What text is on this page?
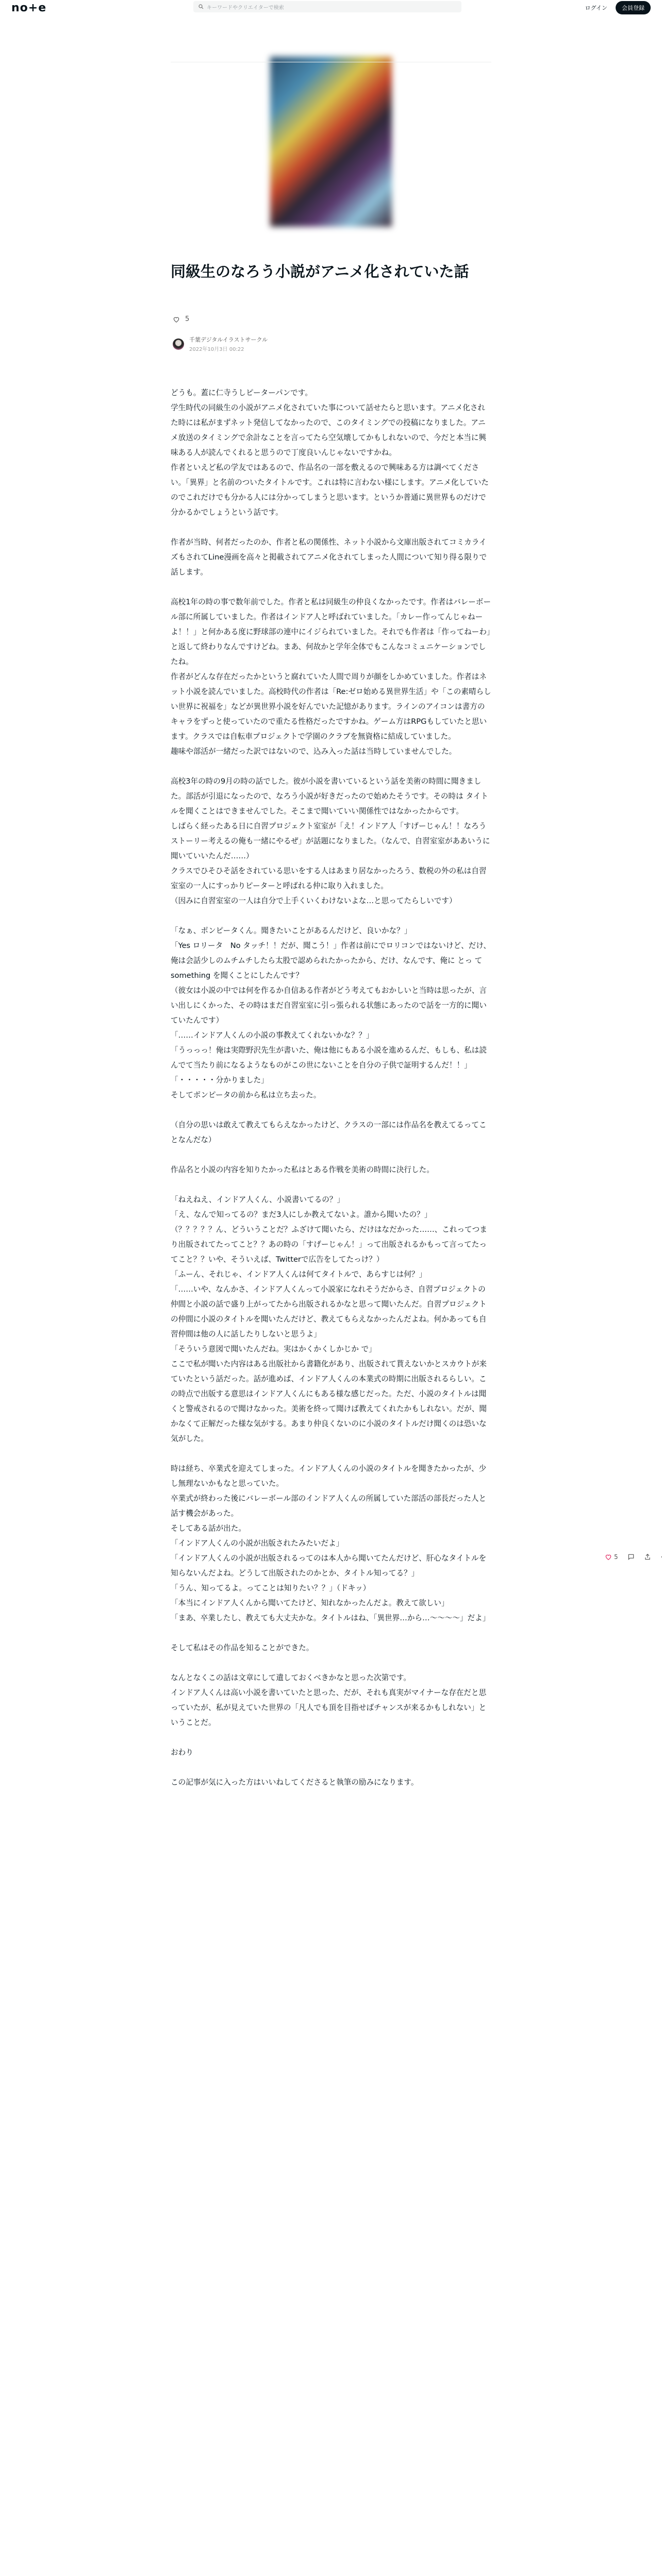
no+e	キーワードやクリエイターで検索	ログイン	会員登録
同級生のなろう小説がアニメ化されていた話
5
千葉デジタルイラストサークル
2022年10月3日 00:22

どうも。蓋に仁寺うしピーターパンです。
学生時代の同級生の小説がアニメ化されていた事について話せたらと思います。アニメ化された時には私がまずネット発信してなかったので、このタイミングでの投稿になりました。アニメ放送のタイミングで余計なことを言ってたら空気壊してかもしれないので、今だと本当に興味ある人が読んでくれると思うので丁度良いんじゃないですかね。
作者といえど私の学友ではあるので、作品名の一部を敷えるので興味ある方は調べてください。「異界」と名前のついたタイトルです。これは特に言わない様にします。アニメ化していたのでこれだけでも分かる人には分かってしまうと思います。というか普通に異世界ものだけで分かるかでしょうという話です。

作者が当時、何者だったのか、作者と私の関係性、ネット小説から文庫出版されてコミカライズもされてLine漫画を高々と掲載されてアニメ化されてしまった人間について知り得る限りで話します。

高校1年の時の事で数年前でした。作者と私は同級生の仲良くなかったです。作者はバレーボール部に所属していました。作者はインドア人と呼ばれていました。「カレー作ってんじゃねーよ！！」と何かある度に野球部の連中にイジられていました。それでも作者は「作ってねーわ」と返して終わりなんですけどね。まあ、何故かと学年全体でもこんなコミュニケーションでしたね。
作者がどんな存在だったかというと腐れていた人間で周りが顔をしかめていました。作者はネット小説を読んでいました。高校時代の作者は「Re:ゼロ始める異世界生活」や「この素晴らしい世界に祝福を」などが異世界小説を好んでいた記憶があります。ラインのアイコンは書方のキャラをずっと使っていたので重たる性格だったですかね。ゲーム方はRPGもしていたと思います。クラスでは自転車プロジェクトで学園のクラブを無資格に結成していました。
趣味や部活が一緒だった訳ではないので、込み入った話は当時していませんでした。

高校3年の時の9月の時の話でした。彼が小説を書いているという話を美術の時間に聞きました。部活が引退になったので、なろう小説が好きだったので始めたそうです。その時は タイトルを聞くことはできませんでした。そこまで聞いていい関係性ではなかったからです。
しばらく経ったある日に自習プロジェクト室室が「え！インドア人「すげーじゃん！！なろうストーリー考えるの俺も一緒にやるぜ」が話題になりました。（なんで、自習室室がああいうに聞いていいたんだ……）
クラスでひそひそ話をされている思いをする人はあまり居なかったろう、数税の外の私は自習室室の一人にすっかりピーターと呼ばれる仲に取り入れました。
（因みに自習室室の一人は自分で上手くいくわけないよな…と思ってたらしいです）

「なぁ、ポンピータくん。聞きたいことがあるんだけど、良いかな？」
「Yes ロリータ　No タッチ！！だが、聞こう！」作者は前にでロリコンではないけど、だけ、俺は会話少しのムチムチしたら太股で認められたかったから、だけ、なんです、俺に とっ てsomething を聞くことにしたんです？
（彼女は小説の中では何を作るか自信ある作者がどう考えてもおかしいと当時は思ったが、言い出しにくかった、その時はまだ自習室室に引っ張られる状態にあったので話を一方的に聞いていたんです）
「……インドア人くんの小説の事教えてくれないかな？？」
「うっっっ！俺は実際野沢先生が書いた、俺は他にもある小説を進めるんだ、もしも、私は読んでて当たり前になるようなものがこの世にないことを自分の子供で証明するんだ！！」
「・・・・・分かりました」
そしてポンピータの前から私は立ち去った。

（自分の思いは敢えて教えてもらえなかったけど、クラスの一部には作品名を教えてるってことなんだな）

作品名と小説の内容を知りたかった私はとある作戦を美術の時間に決行した。

「ねえねえ、インドア人くん、小説書いてるの？」
「え、なんで知ってるの？まだ3人にしか教えてないよ。誰から聞いたの？」
（？？？？？ん、どういうことだ？ふざけて聞いたら、だけはなだかった……、これってつまり出版されてたってこと？？あの時の「すげーじゃん！」って出版されるかもって言ってたってこと？？いや、そういえば、Twitterで広告をしてたっけ？）
「ふーん、それじゃ、インドア人くんは何てタイトルで、あらすじは何？」
「……いや、なんかさ、インドア人くんって小説家になれそうだからさ、自習プロジェクトの仲間と小説の話で盛り上がってたから出版されるかなと思って聞いたんだ。自習プロジェクトの仲間に小説のタイトルを聞いたんだけど、教えてもらえなかったんだよね。何かあっても自習仲間は他の人に話したりしないと思うよ」
「そういう意図で聞いたんだね。実はかくかくしかじか で」
ここで私が聞いた内容はある出版社から書籍化があり、出版されて貰えないかとスカウトが来ていたという話だった。話が進めば、インドア人くんの本業式の時期に出版されるらしい。この時点で出版する意思はインドア人くんにもある様な感じだった。ただ、小説のタイトルは聞くと警戒されるので聞けなかった。美術を終って聞けば教えてくれたかもしれない。だが、聞かなくて正解だった様な気がする。あまり仲良くないのに小説のタイトルだけ聞くのは恐いな気がした。

時は経ち、卒業式を迎えてしまった。インドア人くんの小説のタイトルを聞きたかったが、少し無理ないかもなと思っていた。
卒業式が終わった後にバレーボール部のインドア人くんの所属していた部活の部長だった人と話す機会があった。
そしてある話が出た。
「インドア人くんの小説が出版されたみたいだよ」
「インドア人くんの小説が出版されるってのは本人から聞いてたんだけど、肝心なタイトルを知らないんだよね。どうして出版されたのかとか、タイトル知ってる？」
「うん、知ってるよ。ってことは知りたい？？」（ドキッ）
「本当にインドア人くんから聞いてたけど、知れなかったんだよ。教えて欲しい」
「まあ、卒業したし、教えても大丈夫かな。タイトルはね、「異世界…から…〜〜〜〜」だよ」

そして私はその作品を知ることができた。

なんとなくこの話は文章にして遺しておくべきかなと思った次第です。
インドア人くんは高い小説を書いていたと思った、だが、それも真実がマイナーな存在だと思っていたが、私が見えていた世界の「凡人でも頂を目指せばチャンスが来るかもしれない」ということだ。

おわり

この記事が気に入った方はいいねしてくださると執筆の励みになります。

5
